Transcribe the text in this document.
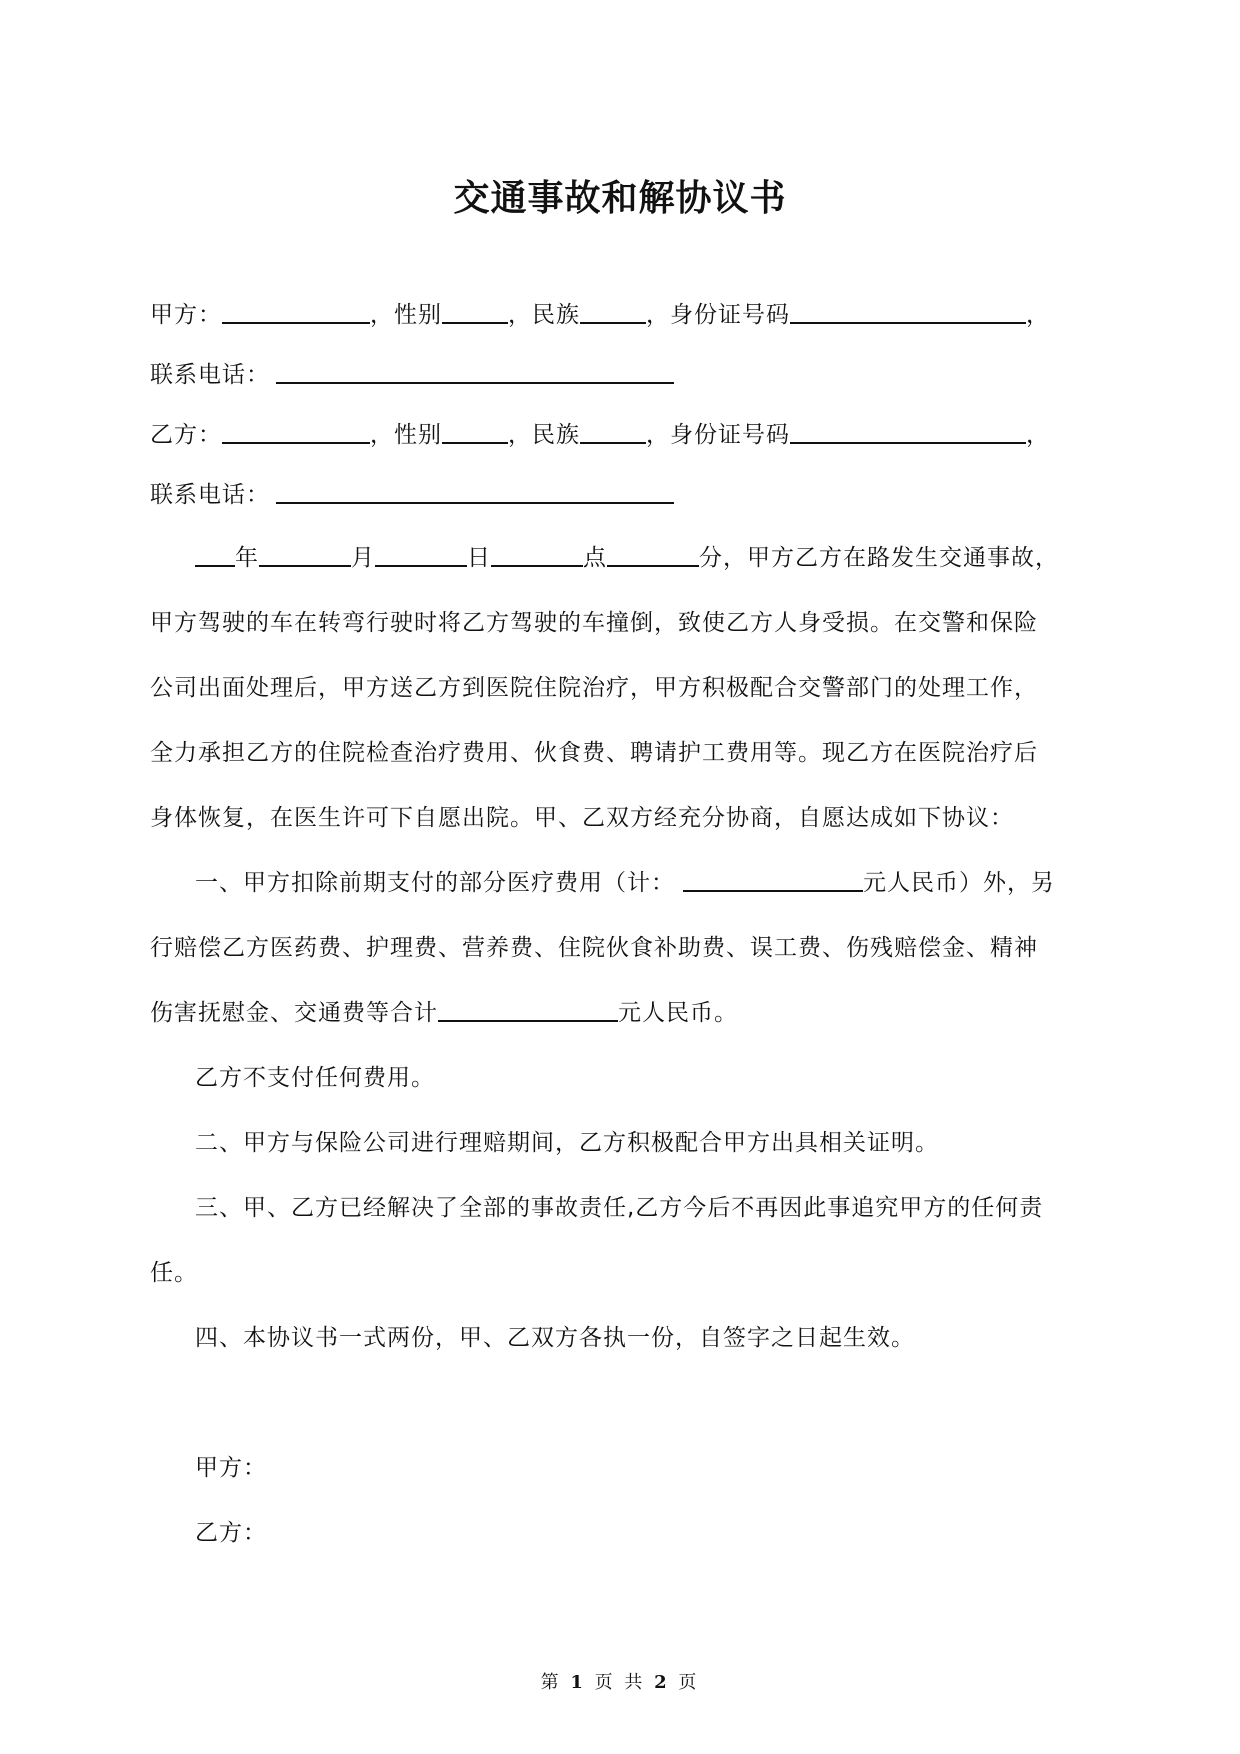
交通事故和解协议书
甲方：	，性别	，民族	，身份证号码	，
联系电话：
乙方：	，性别	，民族	，身份证号码	，
联系电话：
年	月	日	点	分，甲方乙方在路发生交通事故，
甲方驾驶的车在转弯行驶时将乙方驾驶的车撞倒，致使乙方人身受损。在交警和保险
公司出面处理后，甲方送乙方到医院住院治疗，甲方积极配合交警部门的处理工作，
全力承担乙方的住院检查治疗费用、伙食费、聘请护工费用等。现乙方在医院治疗后
身体恢复，在医生许可下自愿出院。甲、乙双方经充分协商，自愿达成如下协议：
一、甲方扣除前期支付的部分医疗费用（计：	元人民币）外，另
行赔偿乙方医药费、护理费、营养费、住院伙食补助费、误工费、伤残赔偿金、精神
伤害抚慰金、交通费等合计	元人民币。
乙方不支付任何费用。
二、甲方与保险公司进行理赔期间，乙方积极配合甲方出具相关证明。
三、甲、乙方已经解决了全部的事故责任,乙方今后不再因此事追究甲方的任何责
任。
四、本协议书一式两份，甲、乙双方各执一份，自签字之日起生效。
甲方：
乙方：
第 1 页 共 2 页
